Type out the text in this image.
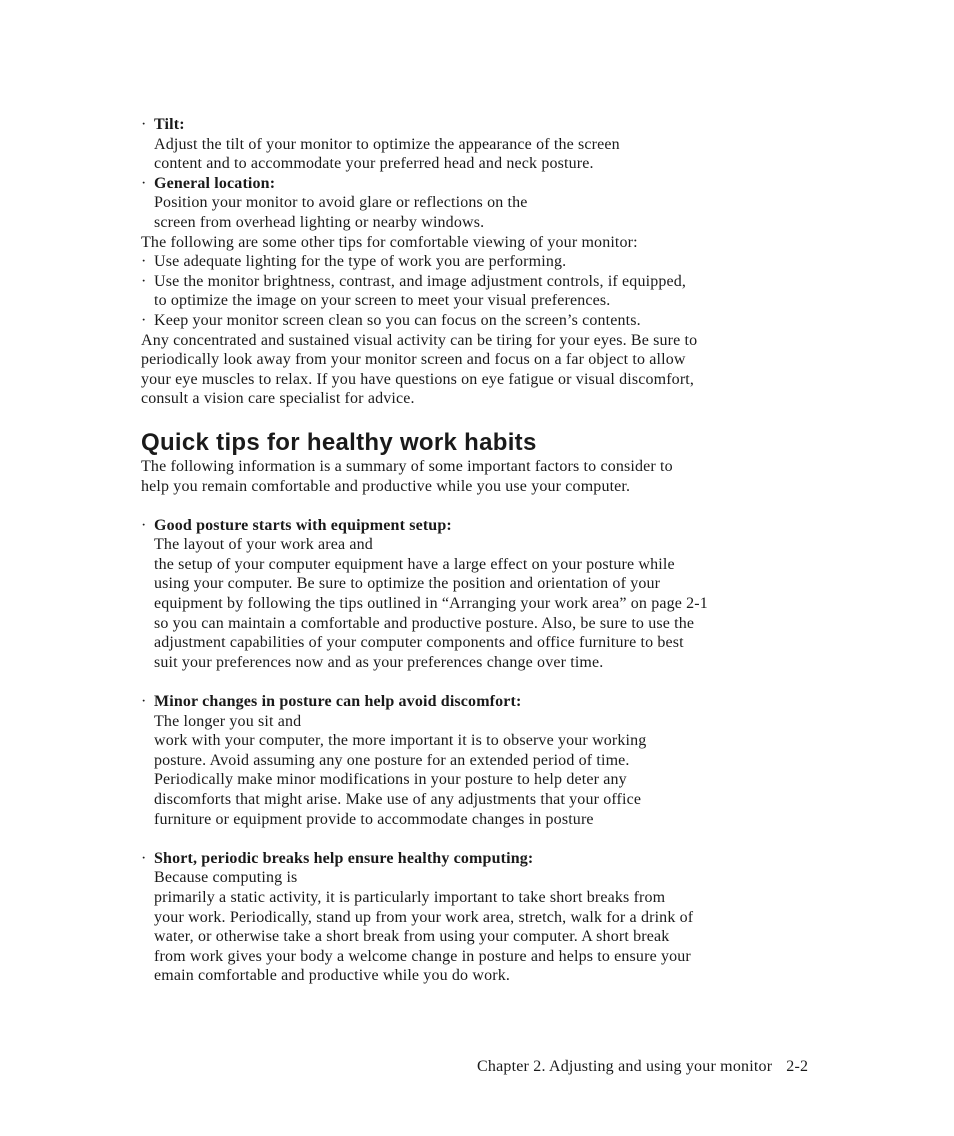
· Tilt:
Adjust the tilt of your monitor to optimize the appearance of the screen
content and to accommodate your preferred head and neck posture.
· General location:
Position your monitor to avoid glare or reflections on the
screen from overhead lighting or nearby windows.
The following are some other tips for comfortable viewing of your monitor:
· Use adequate lighting for the type of work you are performing.
· Use the monitor brightness, contrast, and image adjustment controls, if equipped,
to optimize the image on your screen to meet your visual preferences.
· Keep your monitor screen clean so you can focus on the screen’s contents.
Any concentrated and sustained visual activity can be tiring for your eyes. Be sure to
periodically look away from your monitor screen and focus on a far object to allow
your eye muscles to relax. If you have questions on eye fatigue or visual discomfort,
consult a vision care specialist for advice.
Quick tips for healthy work habits
The following information is a summary of some important factors to consider to
help you remain comfortable and productive while you use your computer.
· Good posture starts with equipment setup:
The layout of your work area and
the setup of your computer equipment have a large effect on your posture while
using your computer. Be sure to optimize the position and orientation of your
equipment by following the tips outlined in “Arranging your work area” on page 2-1
so you can maintain a comfortable and productive posture. Also, be sure to use the
adjustment capabilities of your computer components and office furniture to best
suit your preferences now and as your preferences change over time.
· Minor changes in posture can help avoid discomfort:
The longer you sit and
work with your computer, the more important it is to observe your working
posture. Avoid assuming any one posture for an extended period of time.
Periodically make minor modifications in your posture to help deter any
discomforts that might arise. Make use of any adjustments that your office
furniture or equipment provide to accommodate changes in posture
· Short, periodic breaks help ensure healthy computing:
Because computing is
primarily a static activity, it is particularly important to take short breaks from
your work. Periodically, stand up from your work area, stretch, walk for a drink of
water, or otherwise take a short break from using your computer. A short break
from work gives your body a welcome change in posture and helps to ensure your
emain comfortable and productive while you do work.
Chapter 2. Adjusting and using your monitor 2-2
